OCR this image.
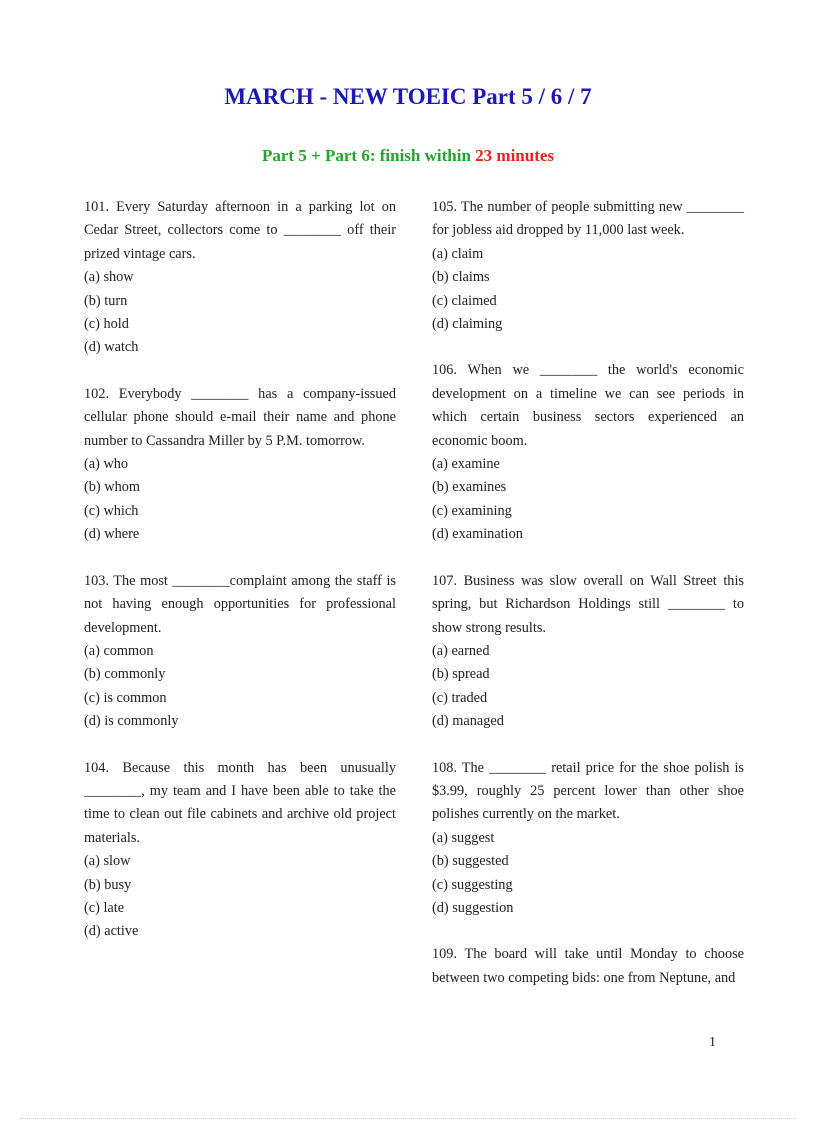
MARCH - NEW TOEIC Part 5 / 6 / 7
Part 5 + Part 6: finish within 23 minutes
101. Every Saturday afternoon in a parking lot on Cedar Street, collectors come to ________ off their prized vintage cars.
(a) show
(b) turn
(c) hold
(d) watch
102. Everybody ________ has a company-issued cellular phone should e-mail their name and phone number to Cassandra Miller by 5 P.M. tomorrow.
(a) who
(b) whom
(c) which
(d) where
103. The most ________complaint among the staff is not having enough opportunities for professional development.
(a) common
(b) commonly
(c) is common
(d) is commonly
104. Because this month has been unusually ________, my team and I have been able to take the time to clean out file cabinets and archive old project materials.
(a) slow
(b) busy
(c) late
(d) active
105. The number of people submitting new ________ for jobless aid dropped by 11,000 last week.
(a) claim
(b) claims
(c) claimed
(d) claiming
106. When we ________ the world's economic development on a timeline we can see periods in which certain business sectors experienced an economic boom.
(a) examine
(b) examines
(c) examining
(d) examination
107. Business was slow overall on Wall Street this spring, but Richardson Holdings still ________ to show strong results.
(a) earned
(b) spread
(c) traded
(d) managed
108. The ________ retail price for the shoe polish is $3.99, roughly 25 percent lower than other shoe polishes currently on the market.
(a) suggest
(b) suggested
(c) suggesting
(d) suggestion
109. The board will take until Monday to choose between two competing bids: one from Neptune, and
1
